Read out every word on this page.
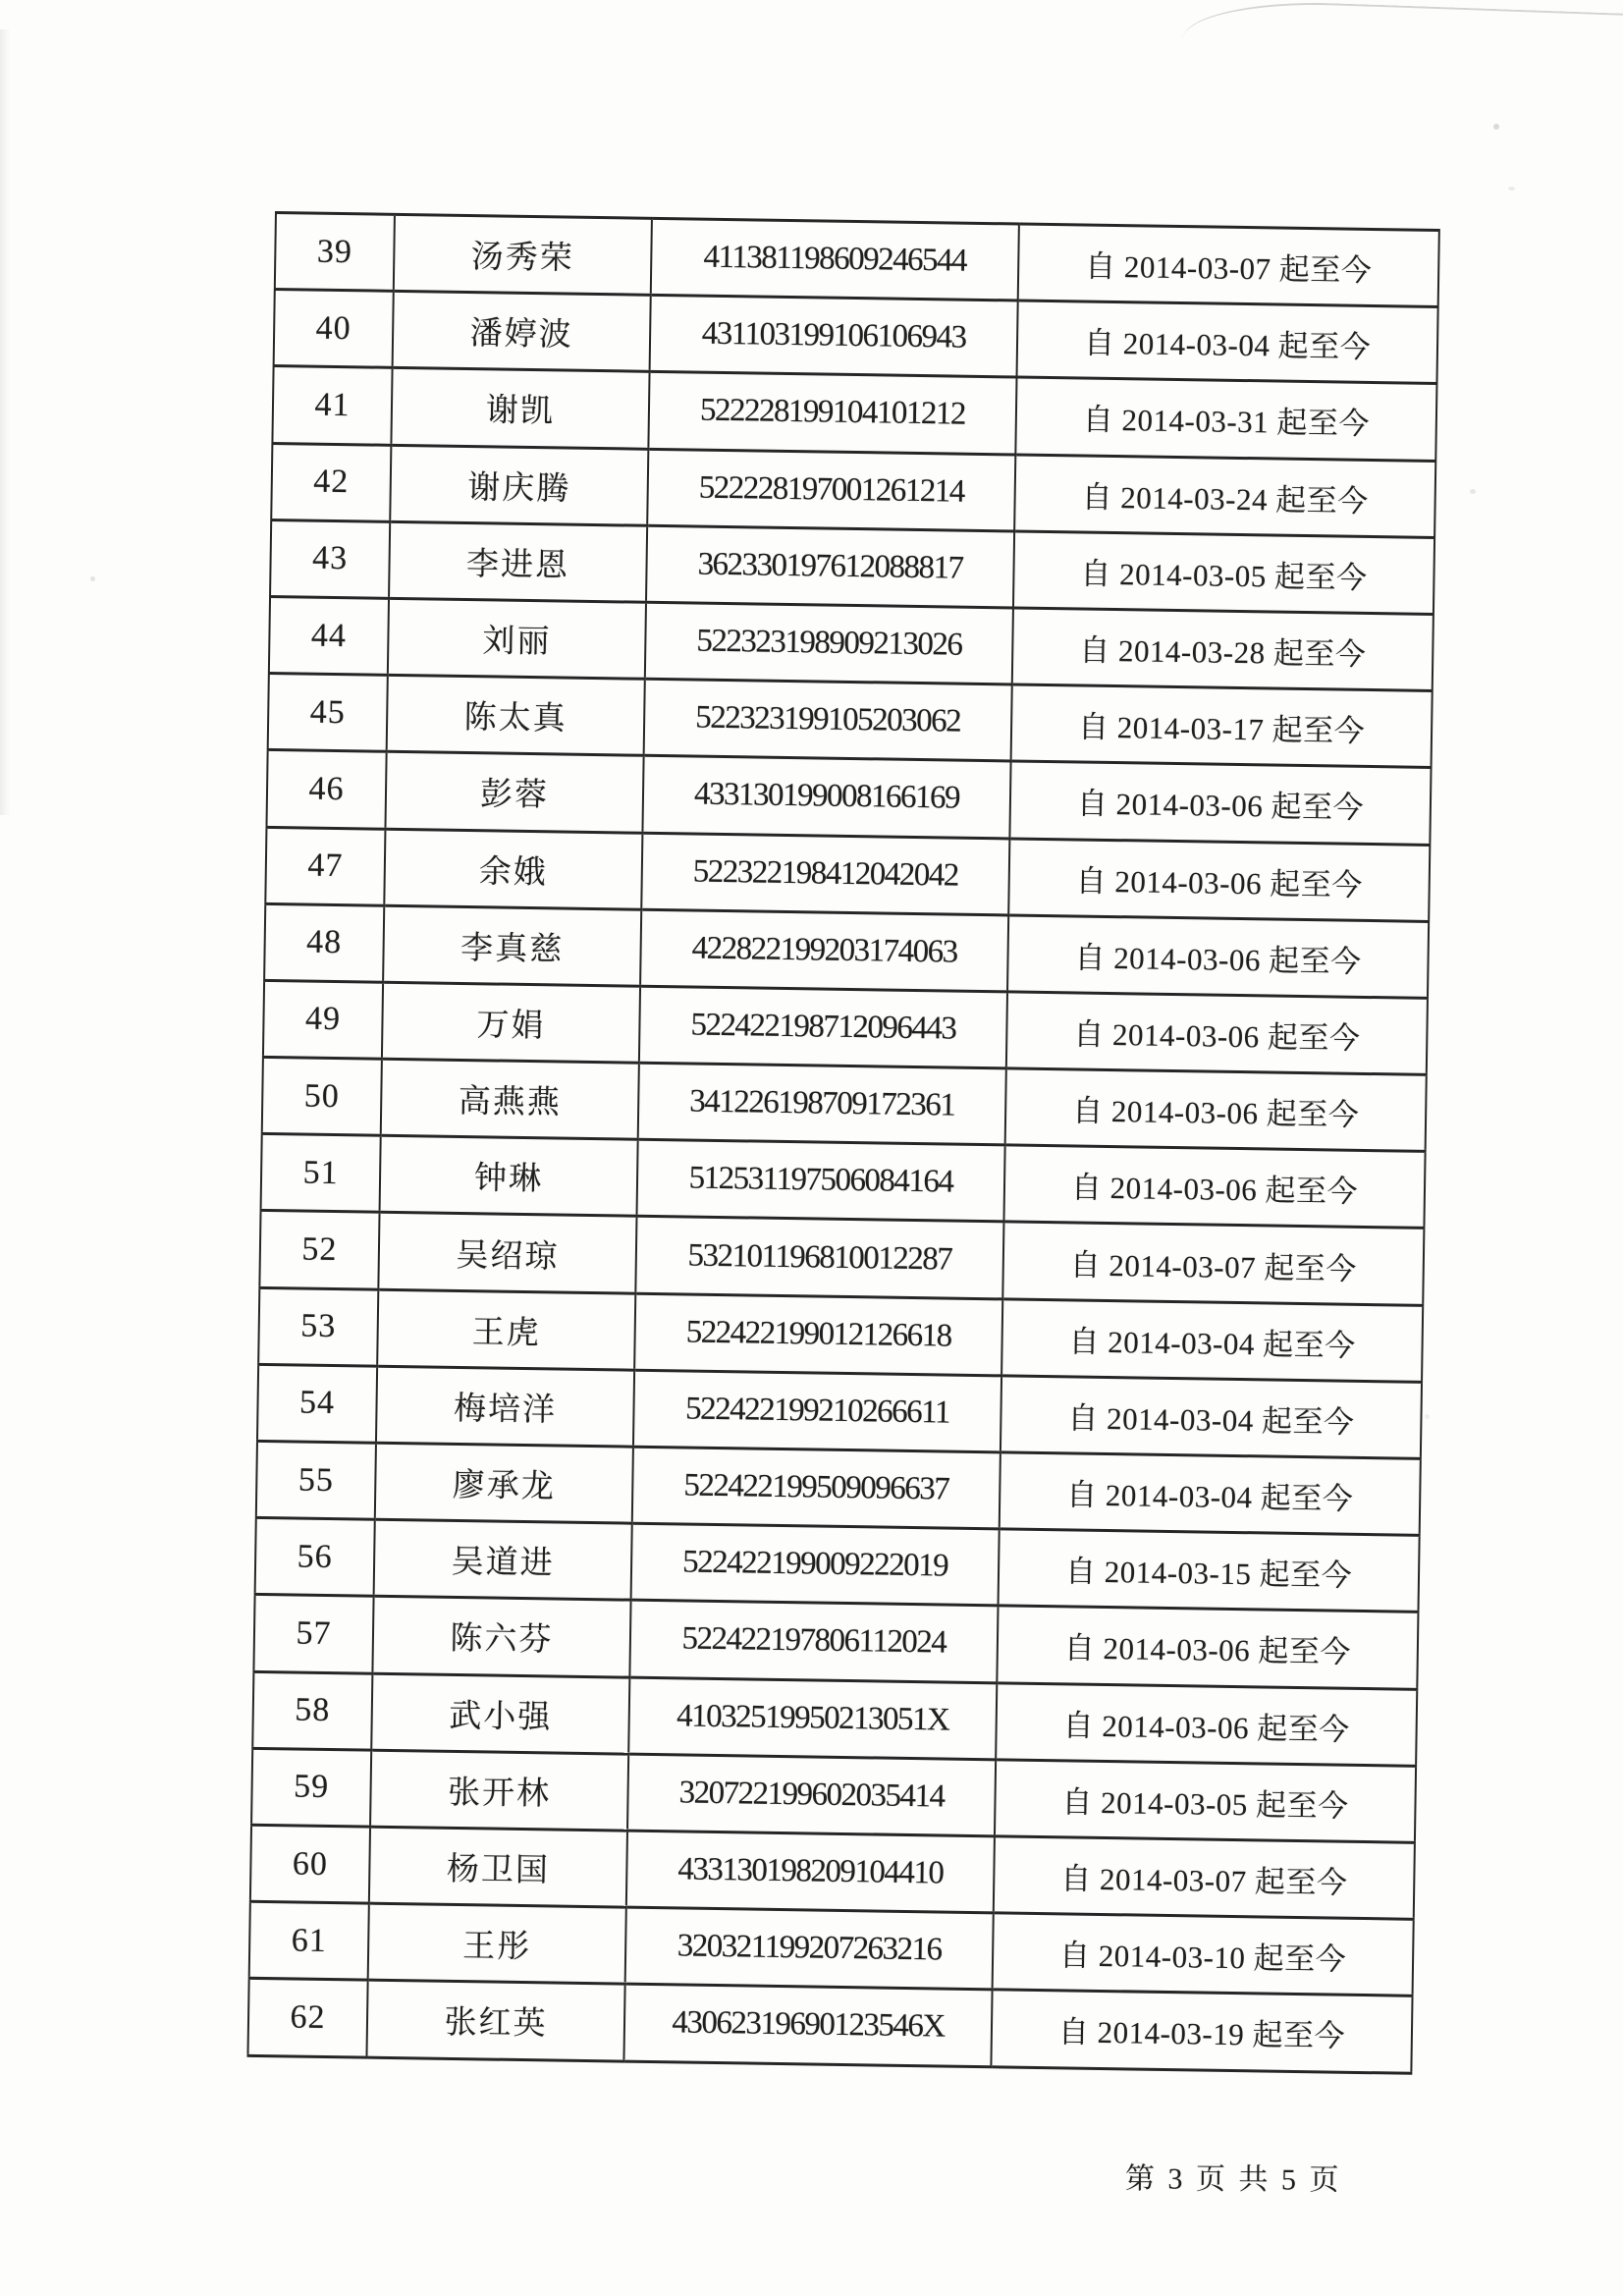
39	汤秀荣	411381198609246544	自 2014-03-07 起至今
40	潘婷波	431103199106106943	自 2014-03-04 起至今
41	谢凯	522228199104101212	自 2014-03-31 起至今
42	谢庆腾	522228197001261214	自 2014-03-24 起至今
43	李进恩	362330197612088817	自 2014-03-05 起至今
44	刘丽	522323198909213026	自 2014-03-28 起至今
45	陈太真	522323199105203062	自 2014-03-17 起至今
46	彭蓉	433130199008166169	自 2014-03-06 起至今
47	余娥	522322198412042042	自 2014-03-06 起至今
48	李真慈	422822199203174063	自 2014-03-06 起至今
49	万娟	522422198712096443	自 2014-03-06 起至今
50	高燕燕	341226198709172361	自 2014-03-06 起至今
51	钟琳	512531197506084164	自 2014-03-06 起至今
52	吴绍琼	532101196810012287	自 2014-03-07 起至今
53	王虎	522422199012126618	自 2014-03-04 起至今
54	梅培洋	522422199210266611	自 2014-03-04 起至今
55	廖承龙	522422199509096637	自 2014-03-04 起至今
56	吴道进	522422199009222019	自 2014-03-15 起至今
57	陈六芬	522422197806112024	自 2014-03-06 起至今
58	武小强	41032519950213051X	自 2014-03-06 起至今
59	张开林	320722199602035414	自 2014-03-05 起至今
60	杨卫国	433130198209104410	自 2014-03-07 起至今
61	王彤	320321199207263216	自 2014-03-10 起至今
62	张红英	43062319690123546X	自 2014-03-19 起至今
第 3 页 共 5 页
